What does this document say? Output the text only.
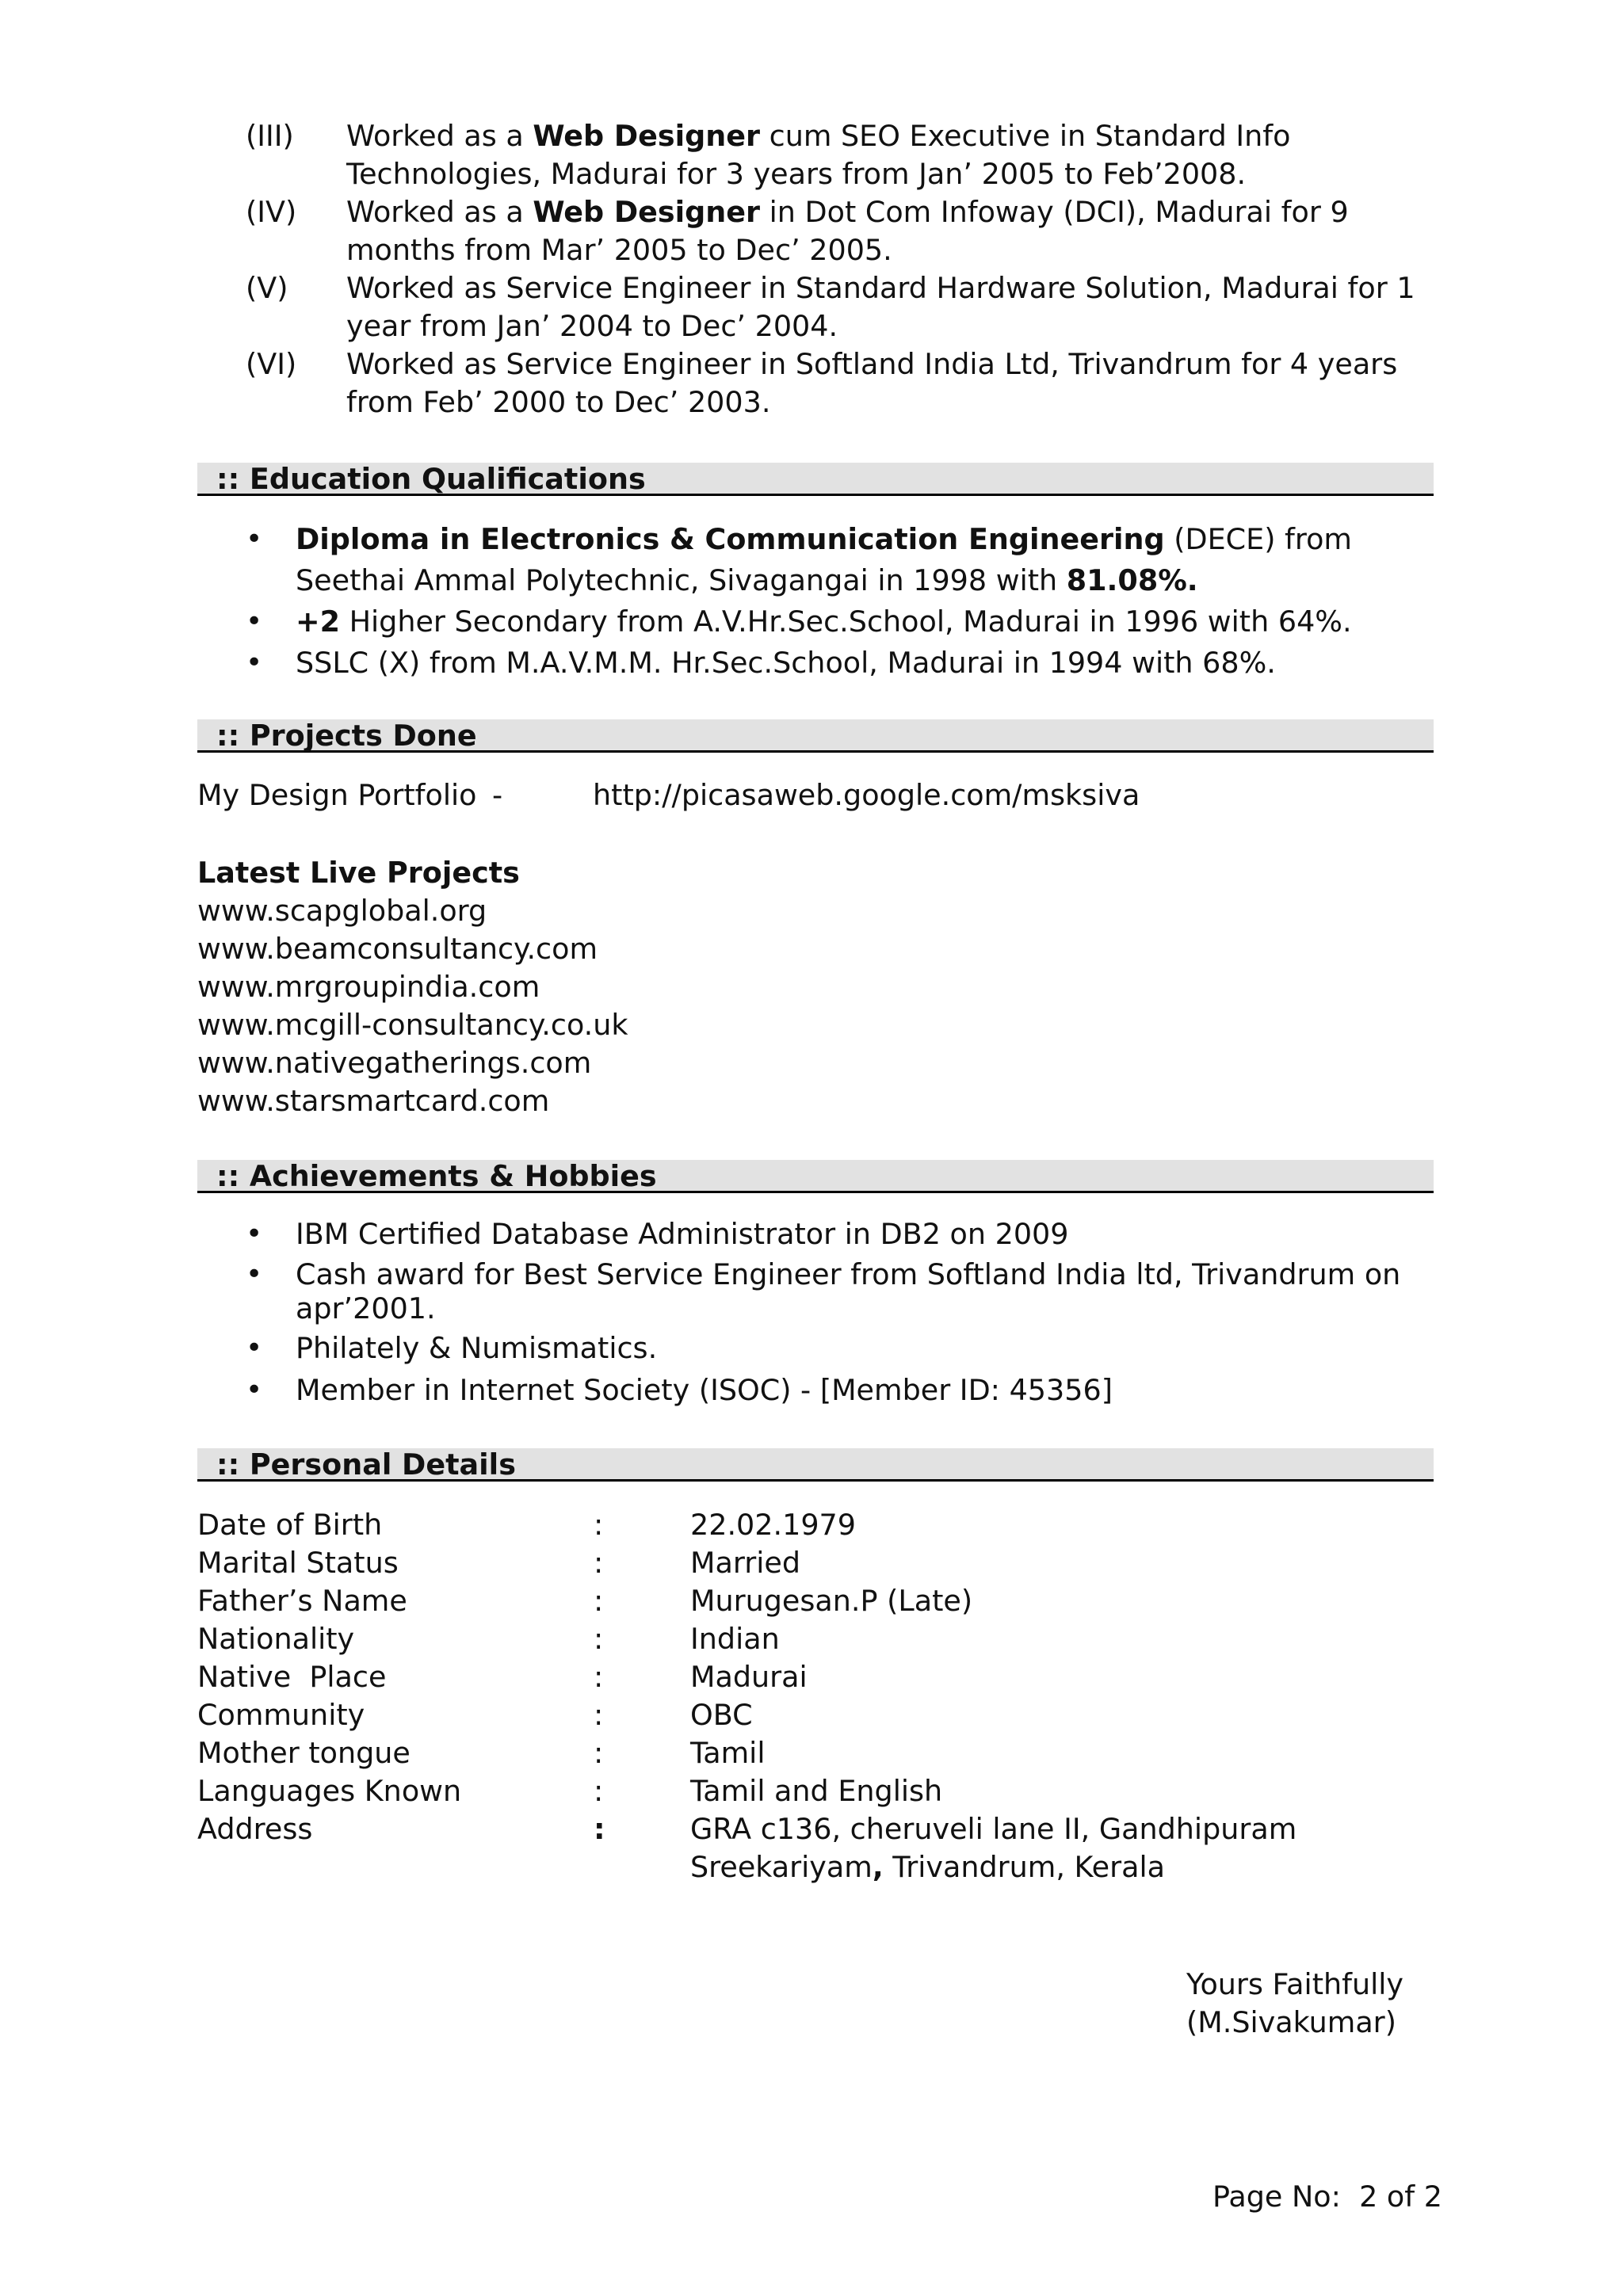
(III)	Worked as a Web Designer cum SEO Executive in Standard Info Technologies, Madurai for 3 years from Jan’ 2005 to Feb’2008.
(IV)	Worked as a Web Designer in Dot Com Infoway (DCI), Madurai for 9 months from Mar’ 2005 to Dec’ 2005.
(V)	Worked as Service Engineer in Standard Hardware Solution, Madurai for 1 year from Jan’ 2004 to Dec’ 2004.
(VI)	Worked as Service Engineer in Softland India Ltd, Trivandrum for 4 years from Feb’ 2000 to Dec’ 2003.
:: Education Qualifications
•	Diploma in Electronics & Communication Engineering (DECE) from Seethai Ammal Polytechnic, Sivagangai in 1998 with 81.08%.
•	+2 Higher Secondary from A.V.Hr.Sec.School, Madurai in 1996 with 64%.
•	SSLC (X) from M.A.V.M.M. Hr.Sec.School, Madurai in 1994 with 68%.
:: Projects Done
My Design Portfolio -	http://picasaweb.google.com/msksiva
Latest Live Projects
www.scapglobal.org
www.beamconsultancy.com
www.mrgroupindia.com
www.mcgill-consultancy.co.uk
www.nativegatherings.com
www.starsmartcard.com
:: Achievements & Hobbies
•	IBM Certified Database Administrator in DB2 on 2009
•	Cash award for Best Service Engineer from Softland India ltd, Trivandrum on apr’2001.
•	Philately & Numismatics.
•	Member in Internet Society (ISOC) - [Member ID: 45356]
:: Personal Details
Date of Birth	:	22.02.1979
Marital Status	:	Married
Father’s Name	:	Murugesan.P (Late)
Nationality	:	Indian
Native  Place	:	Madurai
Community	:	OBC
Mother tongue	:	Tamil
Languages Known	:	Tamil and English
Address	:	GRA c136, cheruveli lane II, Gandhipuram
Sreekariyam, Trivandrum, Kerala
Yours Faithfully
(M.Sivakumar)
Page No:  2 of 2
